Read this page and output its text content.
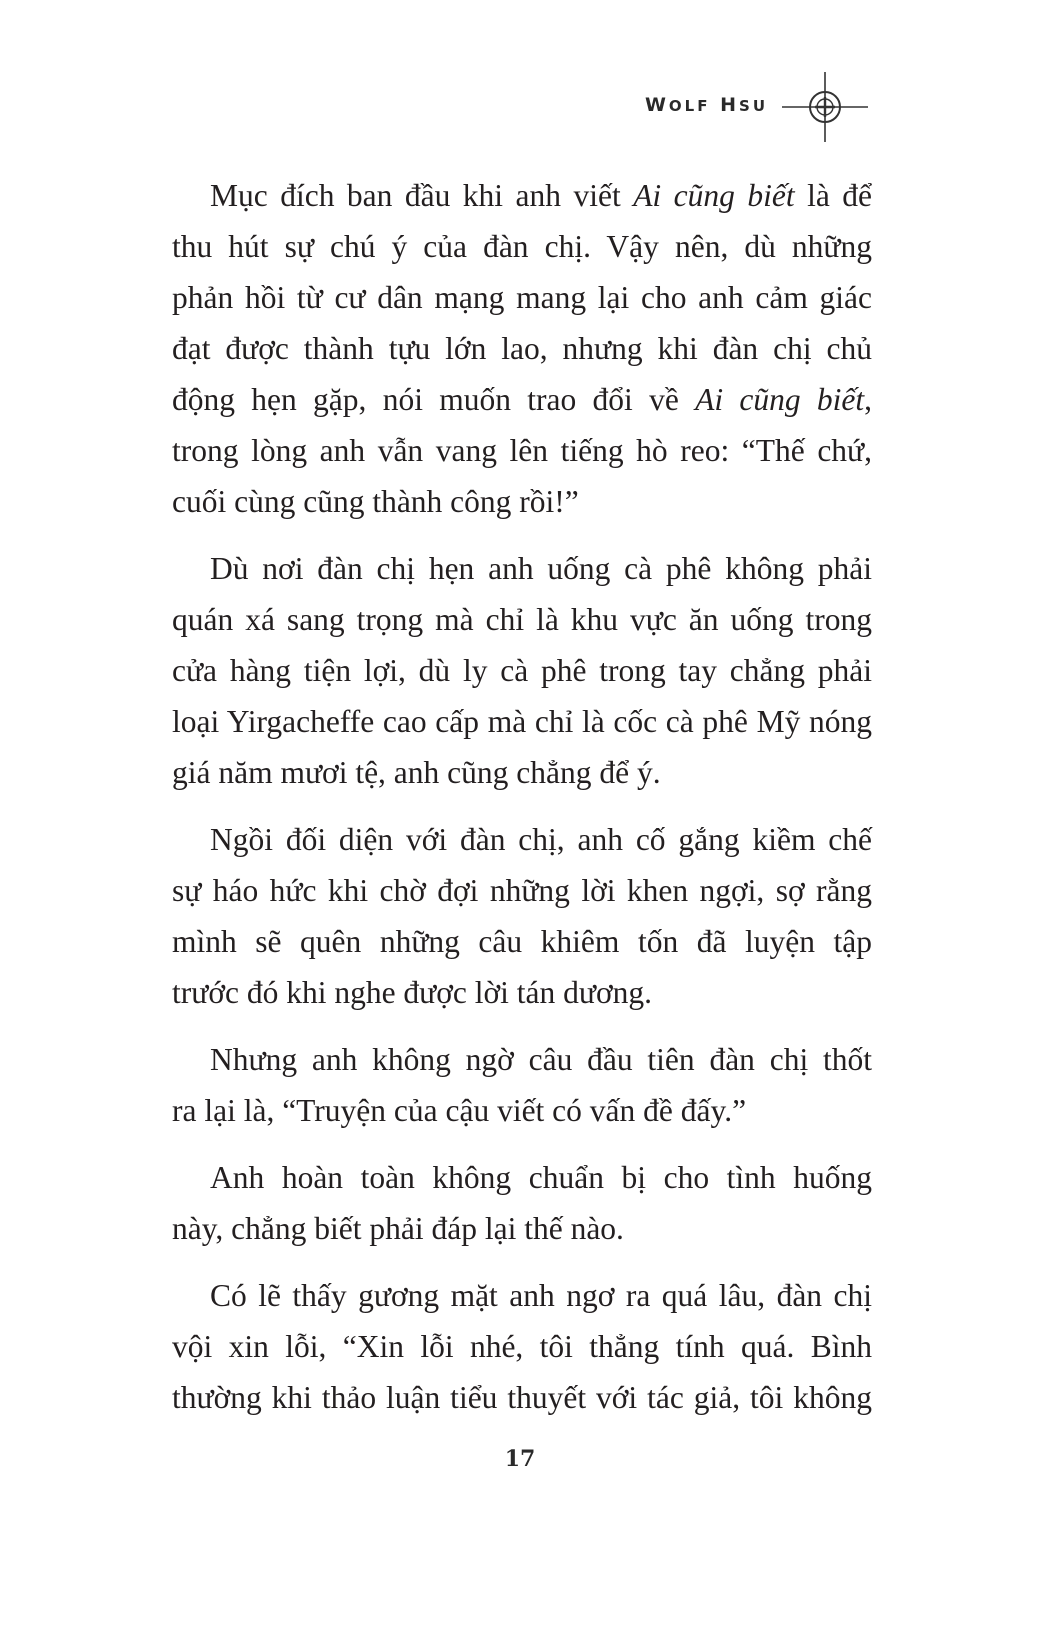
WOLF HSU
Mục đích ban đầu khi anh viết Ai cũng biết là để
thu hút sự chú ý của đàn chị. Vậy nên, dù những
phản hồi từ cư dân mạng mang lại cho anh cảm giác
đạt được thành tựu lớn lao, nhưng khi đàn chị chủ
động hẹn gặp, nói muốn trao đổi về Ai cũng biết,
trong lòng anh vẫn vang lên tiếng hò reo: “Thế chứ,
cuối cùng cũng thành công rồi!”
Dù nơi đàn chị hẹn anh uống cà phê không phải
quán xá sang trọng mà chỉ là khu vực ăn uống trong
cửa hàng tiện lợi, dù ly cà phê trong tay chẳng phải
loại Yirgacheffe cao cấp mà chỉ là cốc cà phê Mỹ nóng
giá năm mươi tệ, anh cũng chẳng để ý.
Ngồi đối diện với đàn chị, anh cố gắng kiềm chế
sự háo hức khi chờ đợi những lời khen ngợi, sợ rằng
mình sẽ quên những câu khiêm tốn đã luyện tập
trước đó khi nghe được lời tán dương.
Nhưng anh không ngờ câu đầu tiên đàn chị thốt
ra lại là, “Truyện của cậu viết có vấn đề đấy.”
Anh hoàn toàn không chuẩn bị cho tình huống
này, chẳng biết phải đáp lại thế nào.
Có lẽ thấy gương mặt anh ngơ ra quá lâu, đàn chị
vội xin lỗi, “Xin lỗi nhé, tôi thẳng tính quá. Bình
thường khi thảo luận tiểu thuyết với tác giả, tôi không
17
